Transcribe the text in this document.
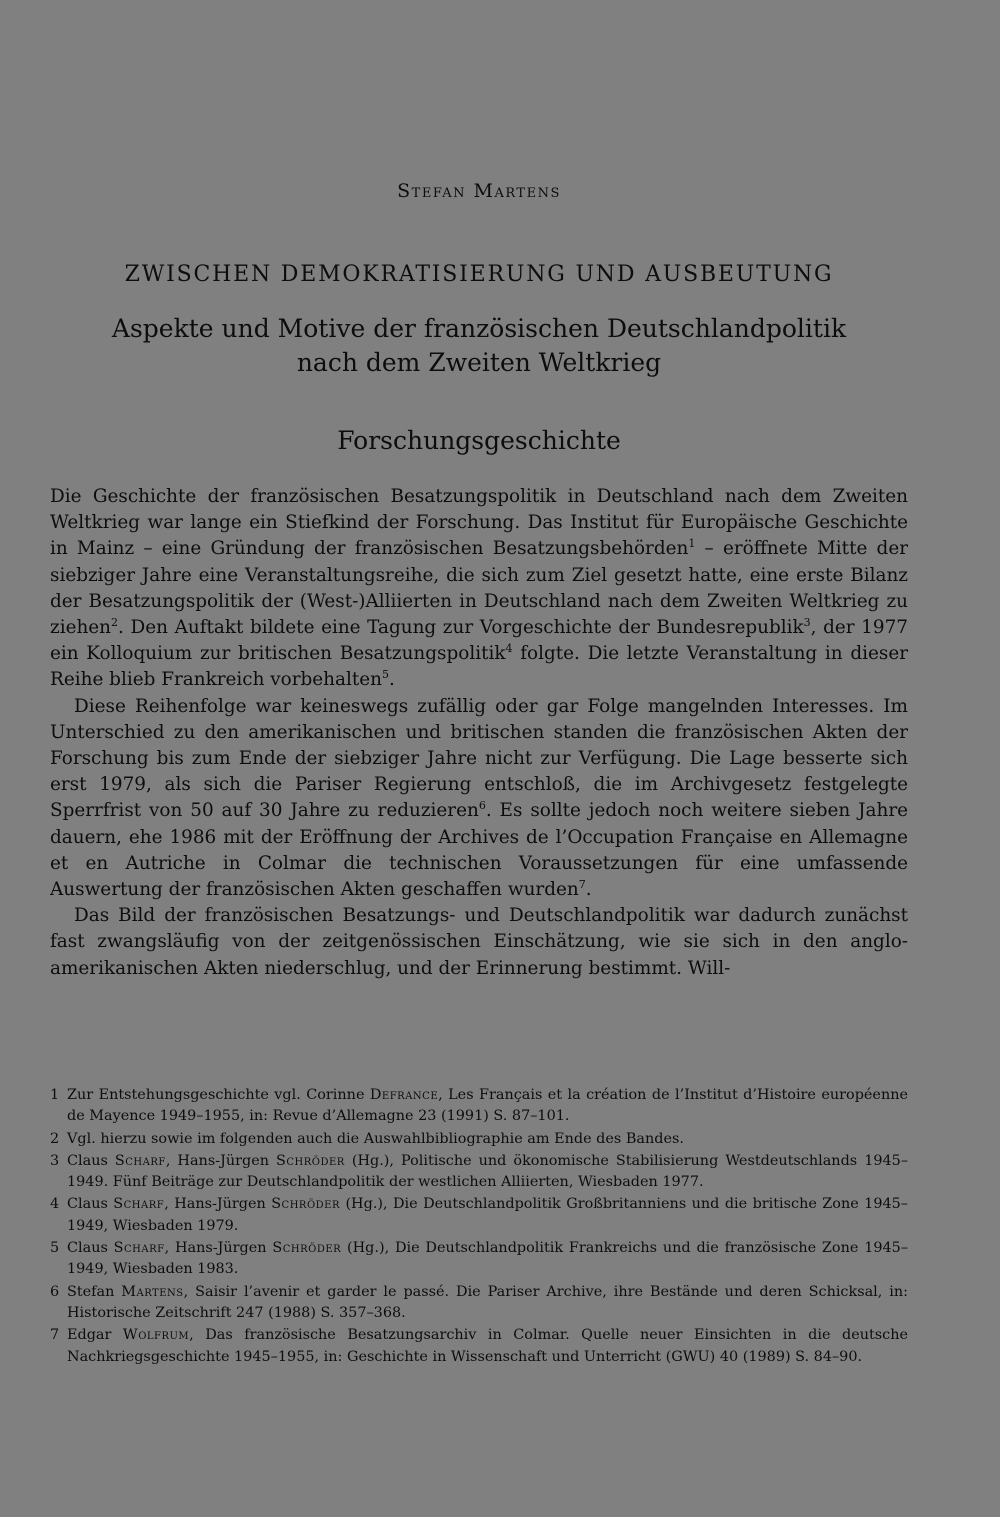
Stefan Martens
ZWISCHEN DEMOKRATISIERUNG UND AUSBEUTUNG
Aspekte und Motive der französischen Deutschlandpolitik
nach dem Zweiten Weltkrieg
Forschungsgeschichte

Die Geschichte der französischen Besatzungspolitik in Deutschland nach dem Zweiten Weltkrieg war lange ein Stiefkind der Forschung. Das Institut für Europäische Geschichte in Mainz – eine Gründung der französischen Besatzungsbehörden$^1$ – eröffnete Mitte der siebziger Jahre eine Veranstaltungsreihe, die sich zum Ziel gesetzt hatte, eine erste Bilanz der Besatzungspolitik der (West-)Alliierten in Deutschland nach dem Zweiten Weltkrieg zu ziehen$^2$. Den Auftakt bildete eine Tagung zur Vorgeschichte der Bundesrepublik$^3$, der 1977 ein Kolloquium zur britischen Besatzungspolitik$^4$ folgte. Die letzte Veranstaltung in dieser Reihe blieb Frankreich vorbehalten$^5$.

Diese Reihenfolge war keineswegs zufällig oder gar Folge mangelnden Interesses. Im Unterschied zu den amerikanischen und britischen standen die französischen Akten der Forschung bis zum Ende der siebziger Jahre nicht zur Verfügung. Die Lage besserte sich erst 1979, als sich die Pariser Regierung entschloß, die im Archivgesetz festgelegte Sperrfrist von 50 auf 30 Jahre zu reduzieren$^6$. Es sollte jedoch noch weitere sieben Jahre dauern, ehe 1986 mit der Eröffnung der Archives de l’Occupation Française en Allemagne et en Autriche in Colmar die technischen Voraussetzungen für eine umfassende Auswertung der französischen Akten geschaffen wurden$^7$.

Das Bild der französischen Besatzungs- und Deutschlandpolitik war dadurch zunächst fast zwangsläufig von der zeitgenössischen Einschätzung, wie sie sich in den anglo-amerikanischen Akten niederschlug, und der Erinnerung bestimmt. Will-

1 Zur Entstehungsgeschichte vgl. Corinne Defrance, Les Français et la création de l’Institut d’Histoire européenne de Mayence 1949–1955, in: Revue d’Allemagne 23 (1991) S. 87–101.
2 Vgl. hierzu sowie im folgenden auch die Auswahlbibliographie am Ende des Bandes.
3 Claus Scharf, Hans-Jürgen Schröder (Hg.), Politische und ökonomische Stabilisierung Westdeutschlands 1945–1949. Fünf Beiträge zur Deutschlandpolitik der westlichen Alliierten, Wiesbaden 1977.
4 Claus Scharf, Hans-Jürgen Schröder (Hg.), Die Deutschlandpolitik Großbritanniens und die britische Zone 1945–1949, Wiesbaden 1979.
5 Claus Scharf, Hans-Jürgen Schröder (Hg.), Die Deutschlandpolitik Frankreichs und die französische Zone 1945–1949, Wiesbaden 1983.
6 Stefan Martens, Saisir l’avenir et garder le passé. Die Pariser Archive, ihre Bestände und deren Schicksal, in: Historische Zeitschrift 247 (1988) S. 357–368.
7 Edgar Wolfrum, Das französische Besatzungsarchiv in Colmar. Quelle neuer Einsichten in die deutsche Nachkriegsgeschichte 1945–1955, in: Geschichte in Wissenschaft und Unterricht (GWU) 40 (1989) S. 84–90.
